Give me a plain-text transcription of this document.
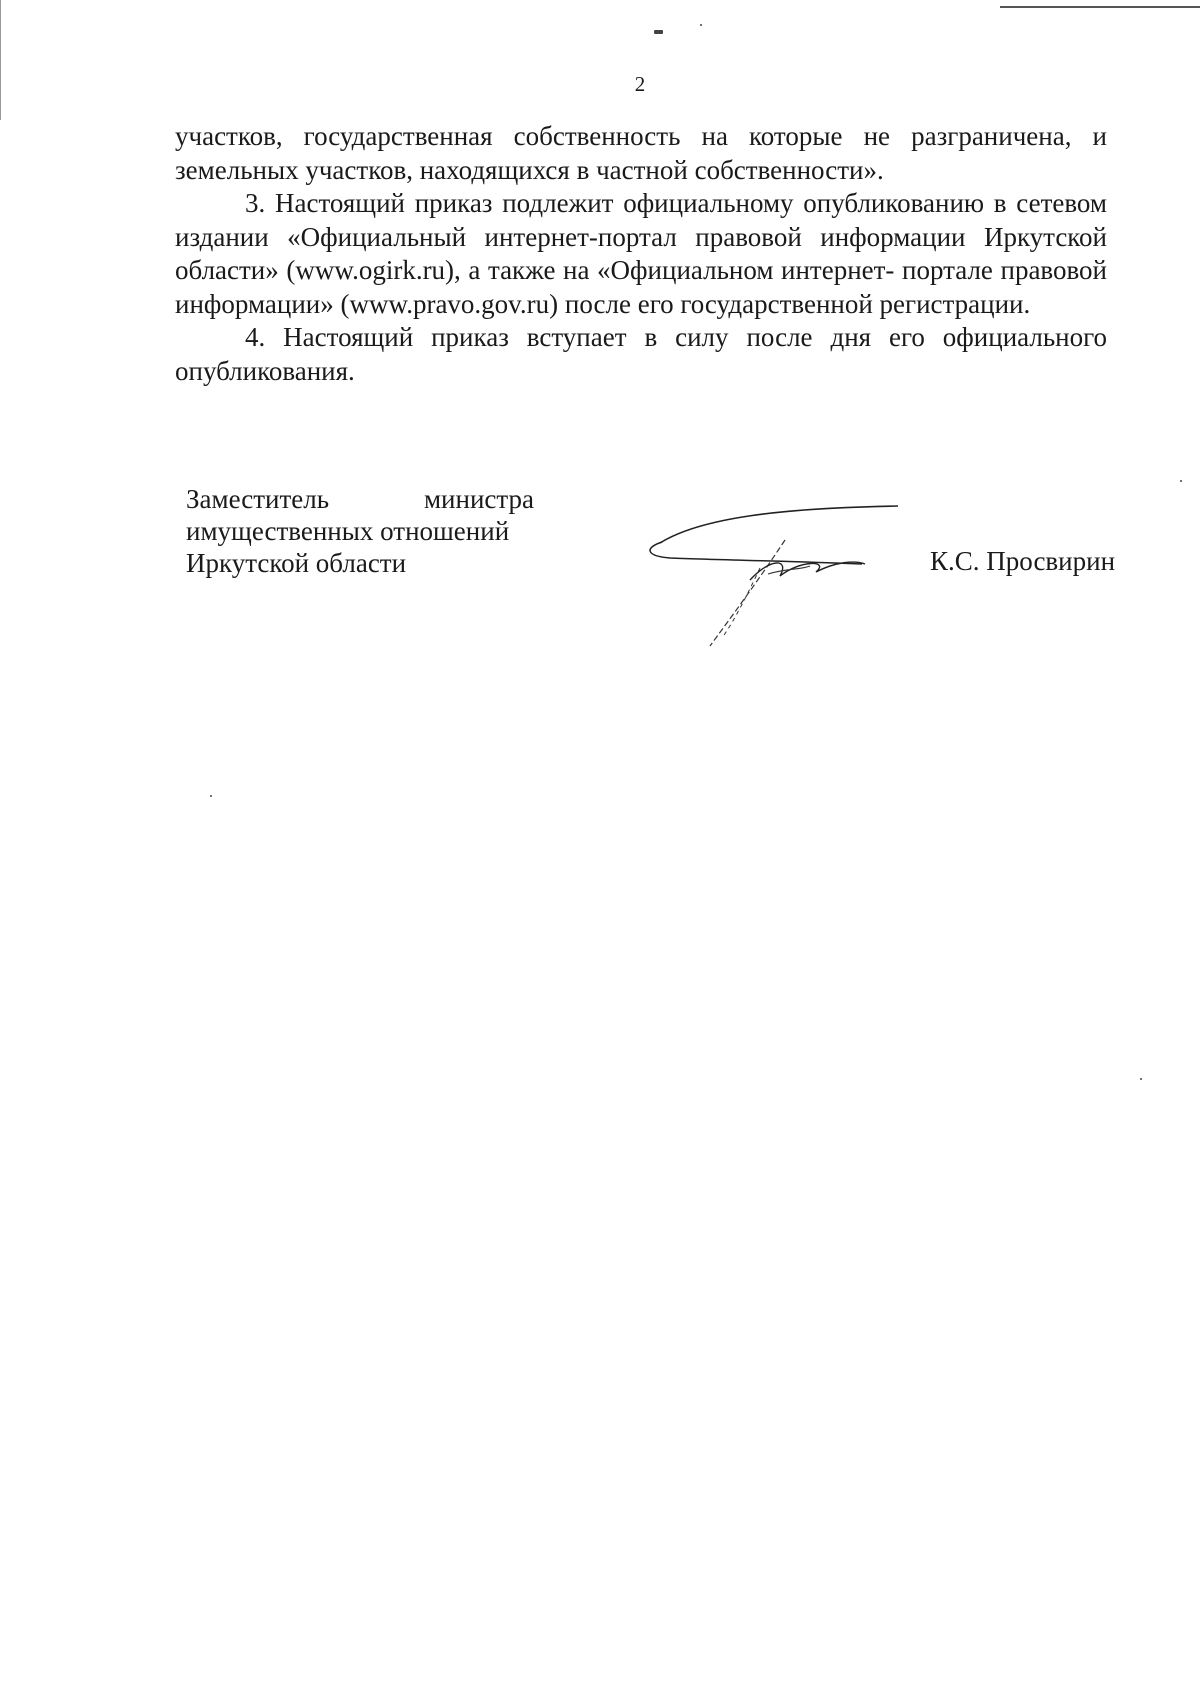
2

участков, государственная собственность на которые не разграничена, и земельных участков, находящихся в частной собственности».

3. Настоящий приказ подлежит официальному опубликованию в сетевом издании «Официальный интернет-портал правовой информации Иркутской области» (www.ogirk.ru), а также на «Официальном интернет- портале правовой информации» (www.pravo.gov.ru) после его государственной регистрации.

4. Настоящий приказ вступает в силу после дня его официального опубликования.

Заместитель	министра
имущественных отношений
Иркутской области	К.С. Просвирин
